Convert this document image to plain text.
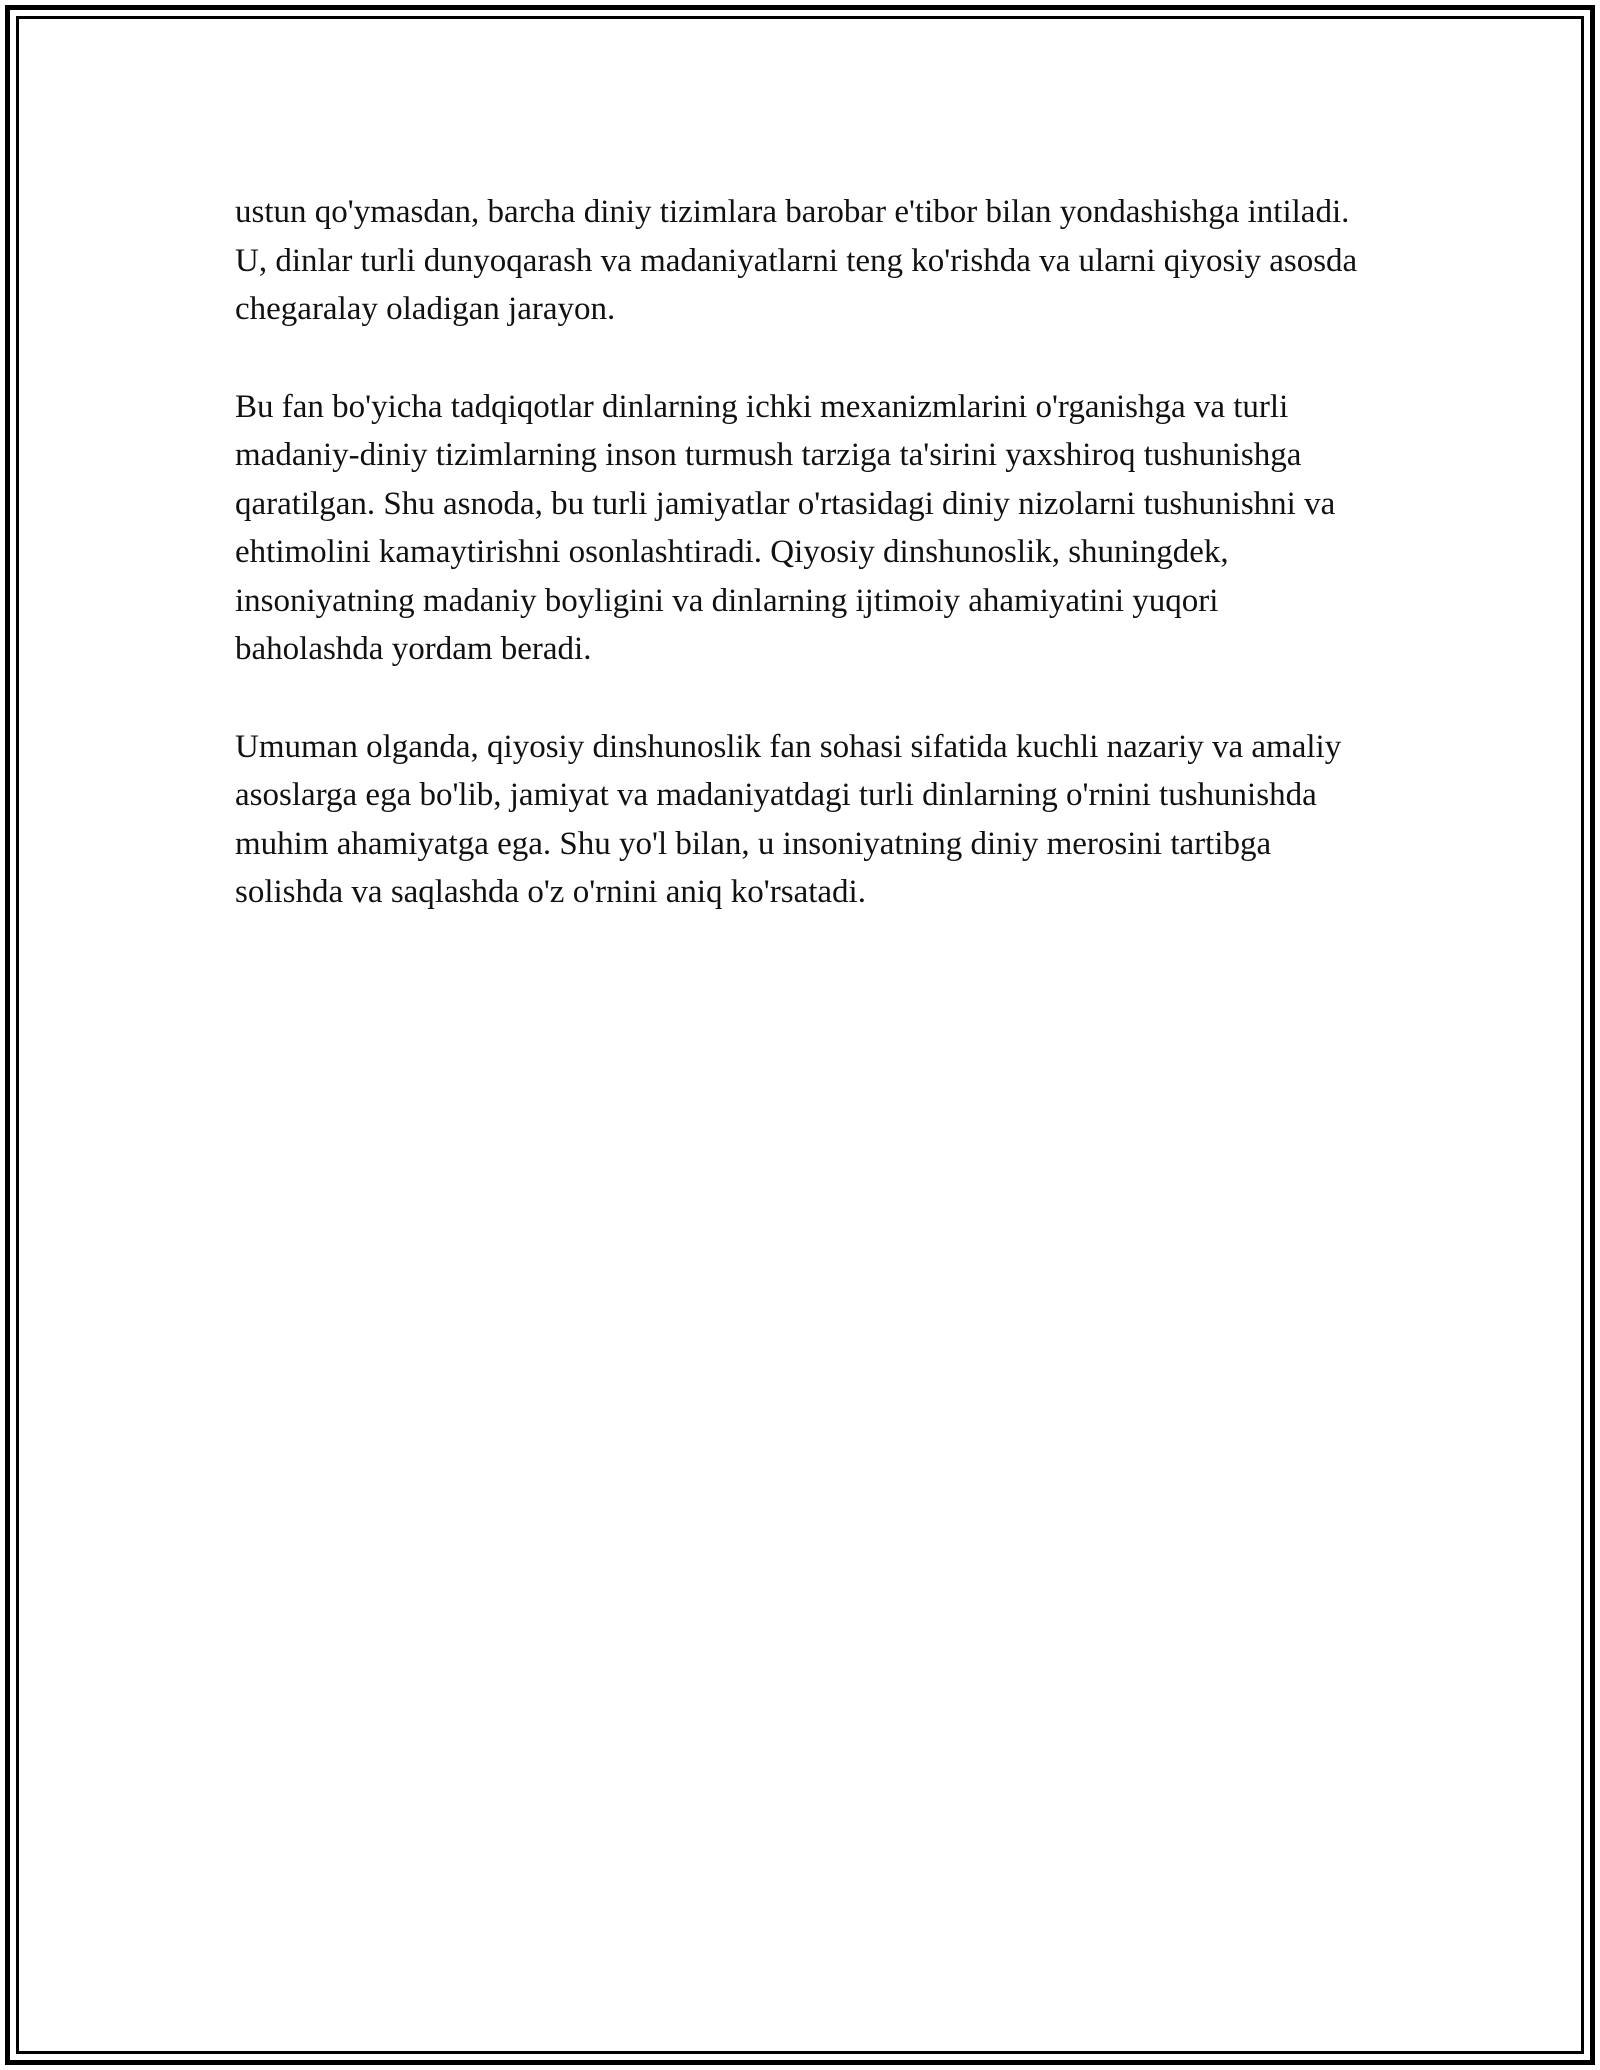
ustun qo'ymasdan, barcha diniy tizimlara barobar e'tibor bilan yondashishga intiladi. U, dinlar turli dunyoqarash va madaniyatlarni teng ko'rishda va ularni qiyosiy asosda chegaralay oladigan jarayon.

Bu fan bo'yicha tadqiqotlar dinlarning ichki mexanizmlarini o'rganishga va turli madaniy-diniy tizimlarning inson turmush tarziga ta'sirini yaxshiroq tushunishga qaratilgan. Shu asnoda, bu turli jamiyatlar o'rtasidagi diniy nizolarni tushunishni va ehtimolini kamaytirishni osonlashtiradi. Qiyosiy dinshunoslik, shuningdek, insoniyatning madaniy boyligini va dinlarning ijtimoiy ahamiyatini yuqori baholashda yordam beradi.

Umuman olganda, qiyosiy dinshunoslik fan sohasi sifatida kuchli nazariy va amaliy asoslarga ega bo'lib, jamiyat va madaniyatdagi turli dinlarning o'rnini tushunishda muhim ahamiyatga ega. Shu yo'l bilan, u insoniyatning diniy merosini tartibga solishda va saqlashda o'z o'rnini aniq ko'rsatadi.
